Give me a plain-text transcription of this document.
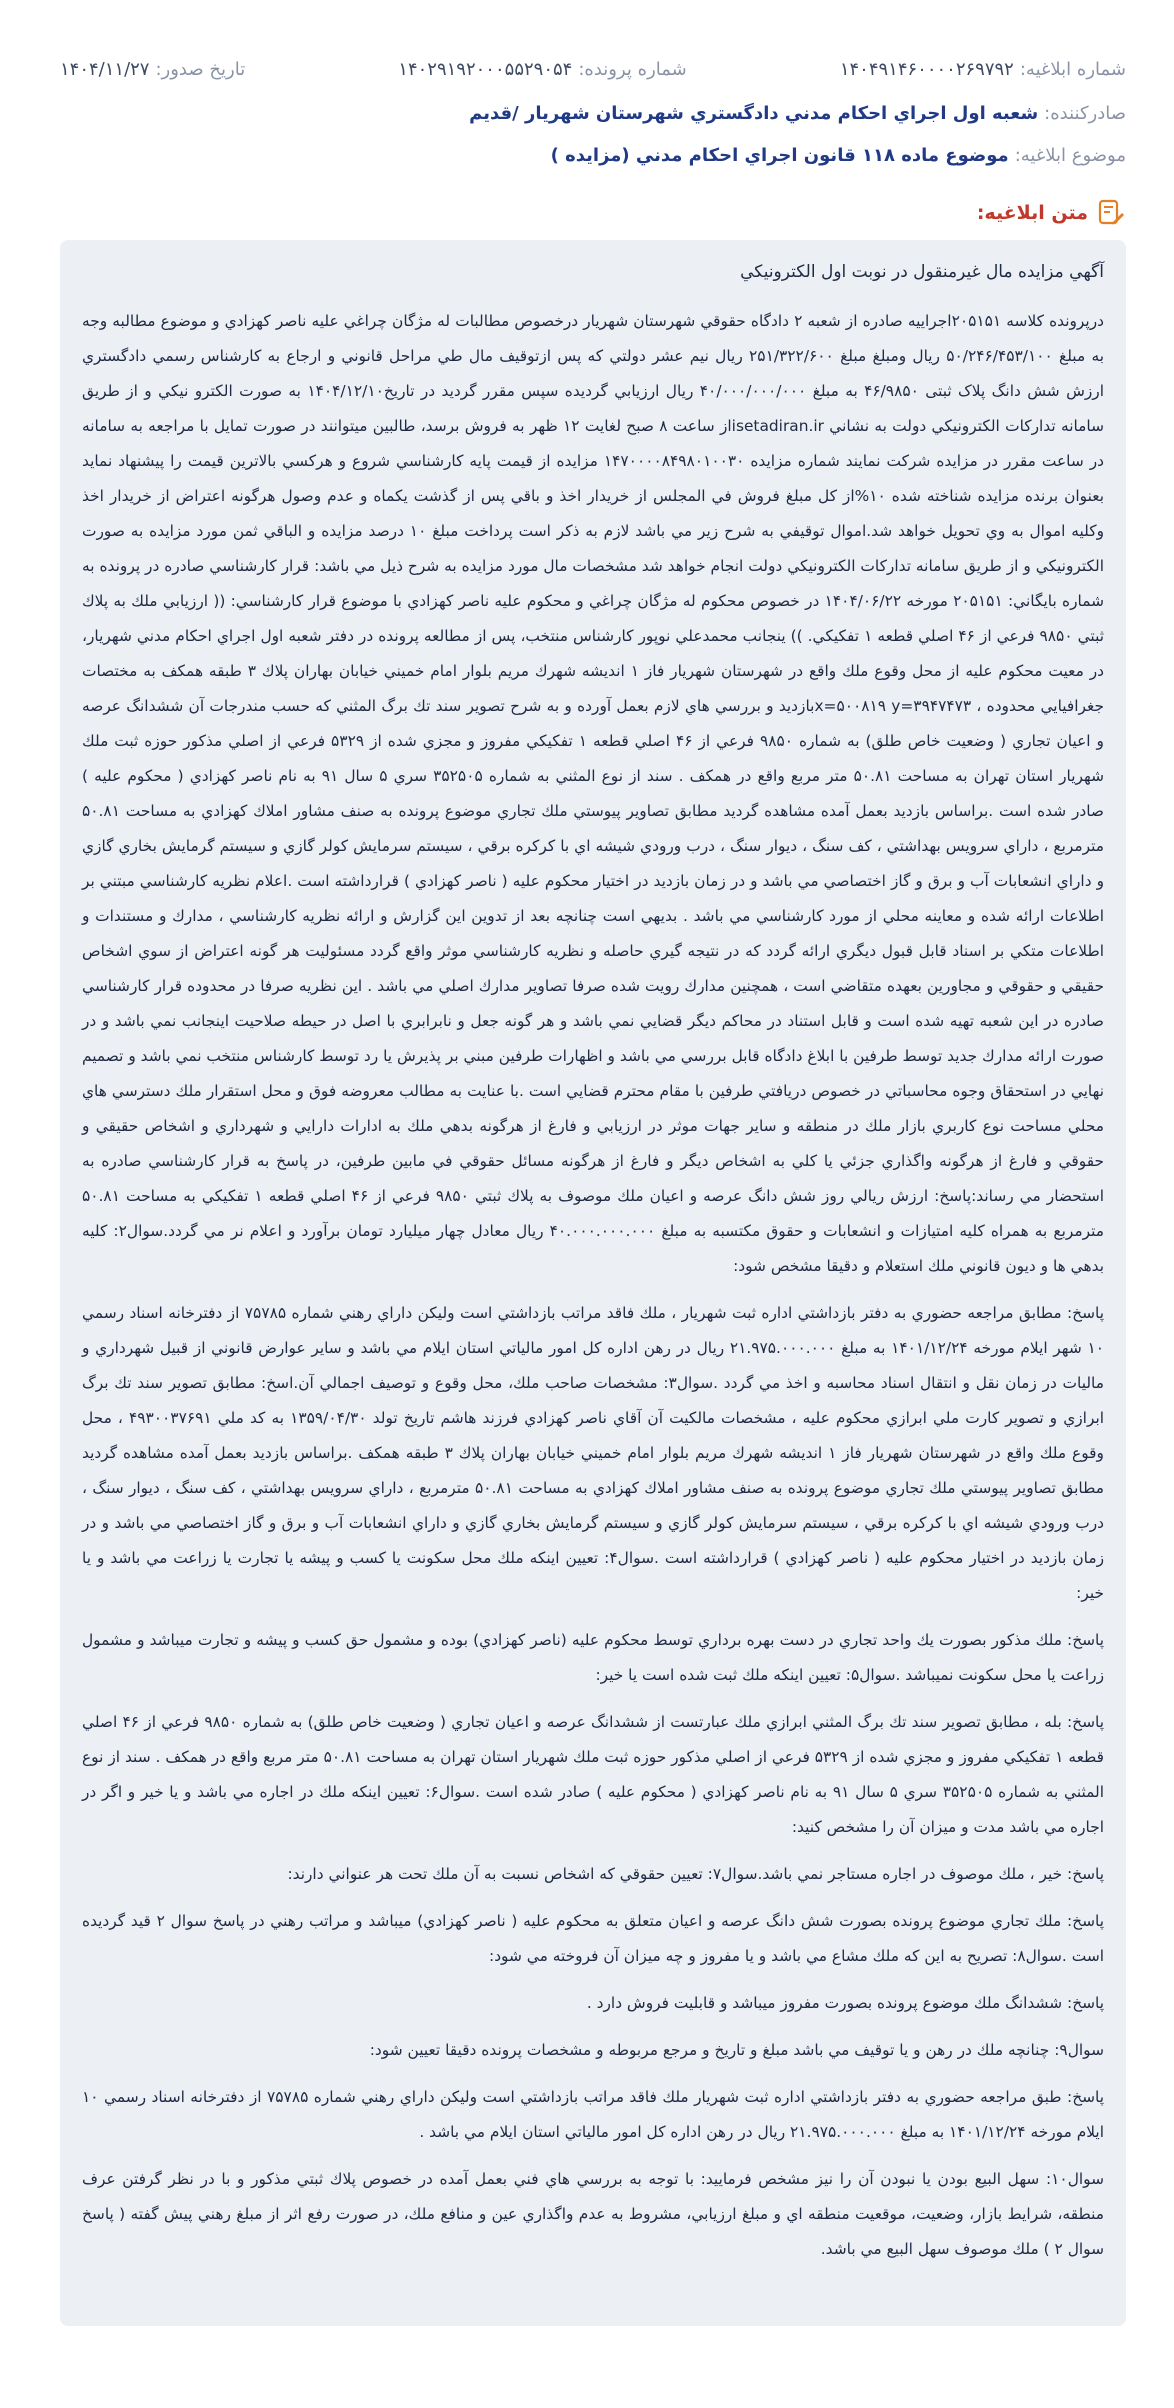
شماره ابلاغيه:
۱۴۰۴۹۱۴۶۰۰۰۰۲۶۹۷۹۲
شماره پرونده:
۱۴۰۲۹۱۹۲۰۰۰۵۵۲۹۰۵۴
تاريخ صدور:
۱۴۰۴/۱۱/۲۷
صادرکننده:
شعبه اول اجراي احكام مدني دادگستري شهرستان شهريار /قديم
موضوع ابلاغيه:
موضوع ماده ۱۱۸ قانون اجراي احكام مدني (مزايده )
متن ابلاغيه:
آگهي مزايده مال غيرمنقول در نوبت اول الكترونيكي

درپرونده كلاسه ۲۰۵۱۵۱اجراييه صادره از شعبه ۲ دادگاه حقوقي شهرستان شهريار درخصوص مطالبات له مژگان چراغي عليه ناصر كهزادي و موضوع مطالبه وجه به مبلغ ۵۰/۲۴۶/۴۵۳/۱۰۰ ريال ومبلغ مبلغ ۲۵۱/۳۲۲/۶۰۰ ريال نيم عشر دولتي كه پس ازتوقيف مال طي مراحل قانوني و ارجاع به كارشناس رسمي دادگستري ارزش شش دانگ پلاک ثبتی ۴۶/۹۸۵۰ به مبلغ ۴۰/۰۰۰/۰۰۰/۰۰۰ ريال ارزيابي گرديده سپس مقرر گرديد در تاريخ۱۴۰۴/۱۲/۱۰ به صورت الكترو نيكي و از طريق سامانه تداركات الكترونيكي دولت به نشاني isetadiran.irاز ساعت ۸ صبح لغايت ۱۲ ظهر به فروش برسد، طالبين ميتوانند در صورت تمايل با مراجعه به سامانه در ساعت مقرر در مزايده شركت نمايند شماره مزايده ۱۴۷۰۰۰۰۸۴۹۸۰۱۰۰۳۰ مزايده از قيمت پايه كارشناسي شروع و هركسي بالاترين قيمت را پيشنهاد نمايد بعنوان برنده مزايده شناخته شده ۱۰%از كل مبلغ فروش في المجلس از خريدار اخذ و باقي پس از گذشت يكماه و عدم وصول هرگونه اعتراض از خريدار اخذ وكليه اموال به وي تحويل خواهد شد.اموال توقيفي به شرح زير مي باشد لازم به ذكر است پرداخت مبلغ ۱۰ درصد مزايده و الباقي ثمن مورد مزايده به صورت الكترونيكي و از طريق سامانه تداركات الكترونيكي دولت انجام خواهد شد مشخصات مال مورد مزايده به شرح ذيل مي باشد: قرار كارشناسي صادره در پرونده به شماره بايگاني: ۲۰۵۱۵۱ مورخه ۱۴۰۴/۰۶/۲۲ در خصوص محكوم له مژگان چراغي و محكوم عليه ناصر كهزادي با موضوع قرار كارشناسي: (( ارزيابي ملك به پلاك ثبتي ۹۸۵۰ فرعي از ۴۶ اصلي قطعه ۱ تفكيكي. )) ينجانب محمدعلي نوپور كارشناس منتخب، پس از مطالعه پرونده در دفتر شعبه اول اجراي احكام مدني شهريار، در معيت محكوم عليه از محل وقوع ملك واقع در شهرستان شهريار فاز ۱ انديشه شهرك مريم بلوار امام خميني خيابان بهاران پلاك ۳ طبقه همكف به مختصات جغرافيايي محدوده ، x=۵۰۰۸۱۹ y=۳۹۴۷۴۷۳بازديد و بررسي هاي لازم بعمل آورده و به شرح تصوير سند تك برگ المثني كه حسب مندرجات آن ششدانگ عرصه و اعيان تجاري ( وضعيت خاص طلق) به شماره ۹۸۵۰ فرعي از ۴۶ اصلي قطعه ۱ تفكيكي مفروز و مجزي شده از ۵۳۲۹ فرعي از اصلي مذكور حوزه ثبت ملك شهريار استان تهران به مساحت ۵۰.۸۱ متر مربع واقع در همكف . سند از نوع المثني به شماره ۳۵۲۵۰۵ سري ۵ سال ۹۱ به نام ناصر كهزادي ( محكوم عليه ) صادر شده است .براساس بازديد بعمل آمده مشاهده گرديد مطابق تصاوير پيوستي ملك تجاري موضوع پرونده به صنف مشاور املاك كهزادي به مساحت ۵۰.۸۱ مترمربع ، داراي سرويس بهداشتي ، كف سنگ ، ديوار سنگ ، درب ورودي شيشه اي با كركره برقي ، سيستم سرمايش كولر گازي و سيستم گرمايش بخاري گازي و داراي انشعابات آب و برق و گاز اختصاصي مي باشد و در زمان بازديد در اختيار محكوم عليه ( ناصر كهزادي ) قرارداشته است .اعلام نظريه كارشناسي مبتني بر اطلاعات ارائه شده و معاينه محلي از مورد كارشناسي مي باشد . بديهي است چنانچه بعد از تدوين اين گزارش و ارائه نظريه كارشناسي ، مدارك و مستندات و اطلاعات متكي بر اسناد قابل قبول ديگري ارائه گردد كه در نتيجه گيري حاصله و نظريه كارشناسي موثر واقع گردد مسئوليت هر گونه اعتراض از سوي اشخاص حقيقي و حقوقي و مجاورين بعهده متقاضي است ، همچنين مدارك رويت شده صرفا تصاوير مدارك اصلي مي باشد . اين نظريه صرفا در محدوده قرار كارشناسي صادره در اين شعبه تهيه شده است و قابل استناد در محاكم ديگر قضايي نمي باشد و هر گونه جعل و نابرابري با اصل در حيطه صلاحيت اينجانب نمي باشد و در صورت ارائه مدارك جديد توسط طرفين با ابلاغ دادگاه قابل بررسي مي باشد و اظهارات طرفين مبني بر پذيرش يا رد توسط كارشناس منتخب نمي باشد و تصميم نهايي در استحقاق وجوه محاسباتي در خصوص دريافتي طرفين با مقام محترم قضايي است .با عنايت به مطالب معروضه فوق و محل استقرار ملك دسترسي هاي محلي مساحت نوع كاربري بازار ملك در منطقه و ساير جهات موثر در ارزيابي و فارغ از هرگونه بدهي ملك به ادارات دارايي و شهرداري و اشخاص حقيقي و حقوقي و فارغ از هرگونه واگذاري جزئي يا كلي به اشخاص ديگر و فارغ از هرگونه مسائل حقوقي في مابين طرفين، در پاسخ به قرار كارشناسي صادره به استحضار مي رساند:پاسخ: ارزش ريالي روز شش دانگ عرصه و اعيان ملك موصوف به پلاك ثبتي ۹۸۵۰ فرعي از ۴۶ اصلي قطعه ۱ تفكيكي به مساحت ۵۰.۸۱ مترمربع به همراه كليه امتيازات و انشعابات و حقوق مكتسبه به مبلغ ۴۰.۰۰۰.۰۰۰.۰۰۰ ريال معادل چهار ميليارد تومان برآورد و اعلام نر مي گردد.سوال۲: كليه بدهي ها و ديون قانوني ملك استعلام و دقيقا مشخص شود:

پاسخ: مطابق مراجعه حضوري به دفتر بازداشتي اداره ثبت شهريار ، ملك فاقد مراتب بازداشتي است وليكن داراي رهني شماره ۷۵۷۸۵ از دفترخانه اسناد رسمي ۱۰ شهر ايلام مورخه ۱۴۰۱/۱۲/۲۴ به مبلغ ۲۱.۹۷۵.۰۰۰.۰۰۰ ريال در رهن اداره كل امور مالياتي استان ايلام مي باشد و ساير عوارض قانوني از قبيل شهرداري و ماليات در زمان نقل و انتقال اسناد محاسبه و اخذ مي گردد .سوال۳: مشخصات صاحب ملك، محل وقوع و توصيف اجمالي آن.اسخ: مطابق تصوير سند تك برگ ابرازي و تصوير كارت ملي ابرازي محكوم عليه ، مشخصات مالكيت آن آقاي ناصر كهزادي فرزند هاشم تاريخ تولد ۱۳۵۹/۰۴/۳۰ به كد ملي ۴۹۳۰۰۳۷۶۹۱ ، محل وقوع ملك واقع در شهرستان شهريار فاز ۱ انديشه شهرك مريم بلوار امام خميني خيابان بهاران پلاك ۳ طبقه همكف .براساس بازديد بعمل آمده مشاهده گرديد مطابق تصاوير پيوستي ملك تجاري موضوع پرونده به صنف مشاور املاك كهزادي به مساحت ۵۰.۸۱ مترمربع ، داراي سرويس بهداشتي ، كف سنگ ، ديوار سنگ ، درب ورودي شيشه اي با كركره برقي ، سيستم سرمايش كولر گازي و سيستم گرمايش بخاري گازي و داراي انشعابات آب و برق و گاز اختصاصي مي باشد و در زمان بازديد در اختيار محكوم عليه ( ناصر كهزادي ) قرارداشته است .سوال۴: تعيين اينكه ملك محل سكونت يا كسب و پيشه يا تجارت يا زراعت مي باشد و يا خير:

پاسخ: ملك مذكور بصورت يك واحد تجاري در دست بهره برداري توسط محكوم عليه (ناصر كهزادي) بوده و مشمول حق كسب و پيشه و تجارت ميباشد و مشمول زراعت يا محل سكونت نميباشد .سوال۵: تعيين اينكه ملك ثبت شده است يا خير:

پاسخ: بله ، مطابق تصوير سند تك برگ المثني ابرازي ملك عبارتست از ششدانگ عرصه و اعيان تجاري ( وضعيت خاص طلق) به شماره ۹۸۵۰ فرعي از ۴۶ اصلي قطعه ۱ تفكيكي مفروز و مجزي شده از ۵۳۲۹ فرعي از اصلي مذكور حوزه ثبت ملك شهريار استان تهران به مساحت ۵۰.۸۱ متر مربع واقع در همكف . سند از نوع المثني به شماره ۳۵۲۵۰۵ سري ۵ سال ۹۱ به نام ناصر كهزادي ( محكوم عليه ) صادر شده است .سوال۶: تعيين اينكه ملك در اجاره مي باشد و يا خير و اگر در اجاره مي باشد مدت و ميزان آن را مشخص كنيد:

پاسخ: خير ، ملك موصوف در اجاره مستاجر نمي باشد.سوال۷: تعيين حقوقي كه اشخاص نسبت به آن ملك تحت هر عنواني دارند:

پاسخ: ملك تجاري موضوع پرونده بصورت شش دانگ عرصه و اعيان متعلق به محكوم عليه ( ناصر كهزادي) ميباشد و مراتب رهني در پاسخ سوال ۲ قيد گرديده است .سوال۸: تصريح به اين كه ملك مشاع مي باشد و يا مفروز و چه ميزان آن فروخته مي شود:

پاسخ: ششدانگ ملك موضوع پرونده بصورت مفروز ميباشد و قابليت فروش دارد .

سوال۹: چنانچه ملك در رهن و يا توقيف مي باشد مبلغ و تاريخ و مرجع مربوطه و مشخصات پرونده دقيقا تعيين شود:

پاسخ: طبق مراجعه حضوري به دفتر بازداشتي اداره ثبت شهريار ملك فاقد مراتب بازداشتي است وليكن داراي رهني شماره ۷۵۷۸۵ از دفترخانه اسناد رسمي ۱۰ ايلام مورخه ۱۴۰۱/۱۲/۲۴ به مبلغ ۲۱.۹۷۵.۰۰۰.۰۰۰ ريال در رهن اداره كل امور مالياتي استان ايلام مي باشد .

سوال۱۰: سهل البيع بودن يا نبودن آن را نيز مشخص فرماييد: با توجه به بررسي هاي فني بعمل آمده در خصوص پلاك ثبتي مذكور و با در نظر گرفتن عرف منطقه، شرايط بازار، وضعيت، موقعيت منطقه اي و مبلغ ارزيابي، مشروط به عدم واگذاري عين و منافع ملك، در صورت رفع اثر از مبلغ رهني پيش گفته ( پاسخ سوال ۲ ) ملك موصوف سهل البيع مي باشد.
